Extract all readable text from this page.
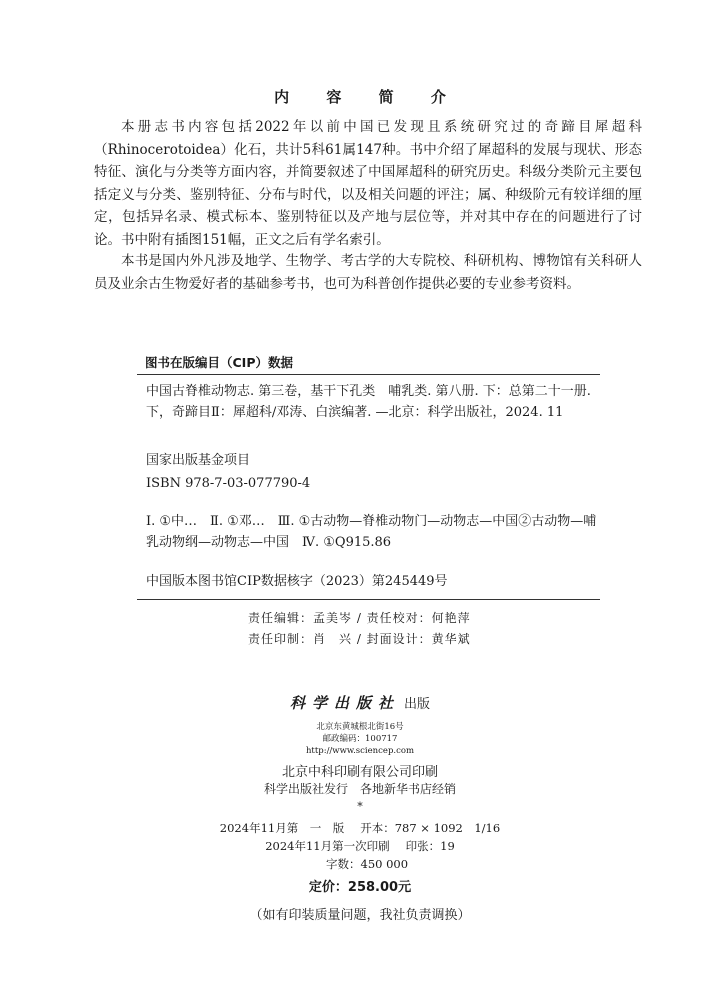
内 容 简 介

本册志书内容包括2022年以前中国已发现且系统研究过的奇蹄目犀超科（Rhinocerotoidea）化石，共计5科61属147种。书中介绍了犀超科的发展与现状、形态特征、演化与分类等方面内容，并简要叙述了中国犀超科的研究历史。科级分类阶元主要包括定义与分类、鉴别特征、分布与时代，以及相关问题的评注；属、种级阶元有较详细的厘定，包括异名录、模式标本、鉴别特征以及产地与层位等，并对其中存在的问题进行了讨论。书中附有插图151幅，正文之后有学名索引。

本书是国内外凡涉及地学、生物学、考古学的大专院校、科研机构、博物馆有关科研人员及业余古生物爱好者的基础参考书，也可为科普创作提供必要的专业参考资料。

图书在版编目（CIP）数据

中国古脊椎动物志. 第三卷，基干下孔类　哺乳类. 第八册. 下：总第二十一册. 下，奇蹄目Ⅱ：犀超科/邓涛、白滨编著. —北京：科学出版社，2024. 11

国家出版基金项目

ISBN 978-7-03-077790-4

Ⅰ. ①中…　Ⅱ. ①邓…　Ⅲ. ①古动物—脊椎动物门—动物志—中国②古动物—哺乳动物纲—动物志—中国　Ⅳ. ①Q915.86

中国版本图书馆CIP数据核字（2023）第245449号

责任编辑：孟美岑 / 责任校对：何艳萍
责任印制：肖　兴 / 封面设计：黄华斌
科学出版社 出版
北京东黄城根北街16号
邮政编码：100717
http://www.sciencep.com
北京中科印刷有限公司印刷
科学出版社发行　各地新华书店经销
*
2024年11月第　一　版 开本：787 × 1092　1/16
2024年11月第一次印刷 印张：19
字数：450 000
定价：258.00元
（如有印装质量问题，我社负责调换）
